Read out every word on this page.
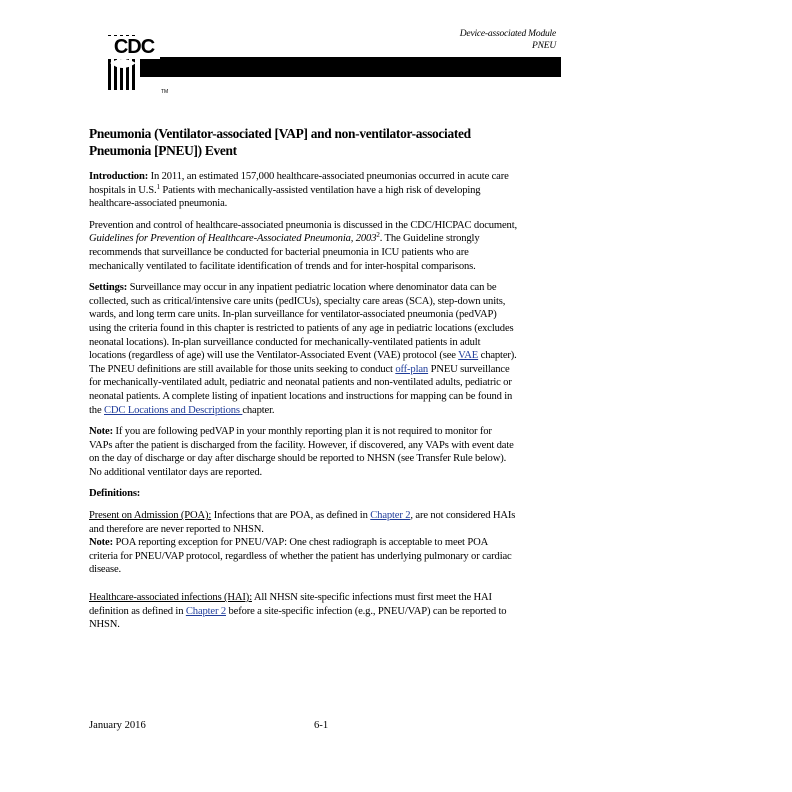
Device-associated Module
PNEU
CDC
TM
Pneumonia (Ventilator-associated [VAP] and non-ventilator-associated Pneumonia [PNEU]) Event

Introduction: In 2011, an estimated 157,000 healthcare-associated pneumonias occurred in acute care hospitals in U.S.$^1$ Patients with mechanically-assisted ventilation have a high risk of developing healthcare-associated pneumonia.

Prevention and control of healthcare-associated pneumonia is discussed in the CDC/HICPAC document, Guidelines for Prevention of Healthcare-Associated Pneumonia, 2003$^2$. The Guideline strongly recommends that surveillance be conducted for bacterial pneumonia in ICU patients who are mechanically ventilated to facilitate identification of trends and for inter-hospital comparisons.

Settings: Surveillance may occur in any inpatient pediatric location where denominator data can be collected, such as critical/intensive care units (pedICUs), specialty care areas (SCA), step-down units, wards, and long term care units. In-plan surveillance for ventilator-associated pneumonia (pedVAP) using the criteria found in this chapter is restricted to patients of any age in pediatric locations (excludes neonatal locations). In-plan surveillance conducted for mechanically-ventilated patients in adult locations (regardless of age) will use the Ventilator-Associated Event (VAE) protocol (see VAE chapter). The PNEU definitions are still available for those units seeking to conduct off-plan PNEU surveillance for mechanically-ventilated adult, pediatric and neonatal patients and non-ventilated adults, pediatric or neonatal patients. A complete listing of inpatient locations and instructions for mapping can be found in the CDC Locations and Descriptions chapter.

Note: If you are following pedVAP in your monthly reporting plan it is not required to monitor for VAPs after the patient is discharged from the facility. However, if discovered, any VAPs with event date on the day of discharge or day after discharge should be reported to NHSN (see Transfer Rule below). No additional ventilator days are reported.

Definitions:

Present on Admission (POA): Infections that are POA, as defined in Chapter 2, are not considered HAIs and therefore are never reported to NHSN.

Note: POA reporting exception for PNEU/VAP: One chest radiograph is acceptable to meet POA criteria for PNEU/VAP protocol, regardless of whether the patient has underlying pulmonary or cardiac disease.

Healthcare-associated infections (HAI): All NHSN site-specific infections must first meet the HAI definition as defined in Chapter 2 before a site-specific infection (e.g., PNEU/VAP) can be reported to NHSN.

January 2016	6-1
